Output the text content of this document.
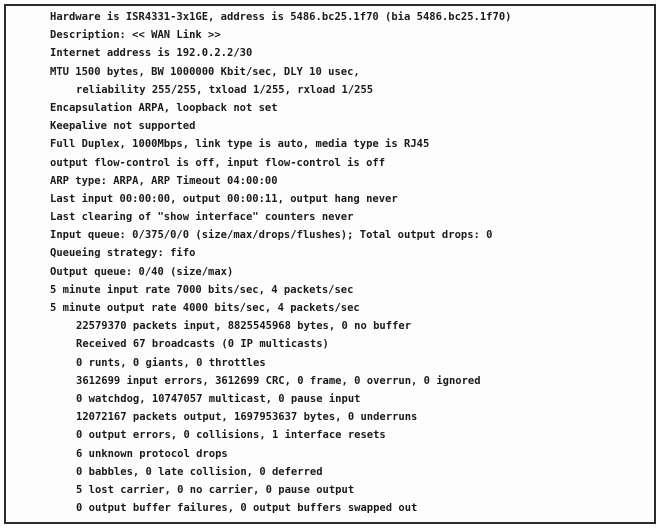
Hardware is ISR4331-3x1GE, address is 5486.bc25.1f70 (bia 5486.bc25.1f70)
Description: << WAN Link >>
Internet address is 192.0.2.2/30
MTU 1500 bytes, BW 1000000 Kbit/sec, DLY 10 usec,
reliability 255/255, txload 1/255, rxload 1/255
Encapsulation ARPA, loopback not set
Keepalive not supported
Full Duplex, 1000Mbps, link type is auto, media type is RJ45
output flow-control is off, input flow-control is off
ARP type: ARPA, ARP Timeout 04:00:00
Last input 00:00:00, output 00:00:11, output hang never
Last clearing of "show interface" counters never
Input queue: 0/375/0/0 (size/max/drops/flushes); Total output drops: 0
Queueing strategy: fifo
Output queue: 0/40 (size/max)
5 minute input rate 7000 bits/sec, 4 packets/sec
5 minute output rate 4000 bits/sec, 4 packets/sec
22579370 packets input, 8825545968 bytes, 0 no buffer
Received 67 broadcasts (0 IP multicasts)
0 runts, 0 giants, 0 throttles
3612699 input errors, 3612699 CRC, 0 frame, 0 overrun, 0 ignored
0 watchdog, 10747057 multicast, 0 pause input
12072167 packets output, 1697953637 bytes, 0 underruns
0 output errors, 0 collisions, 1 interface resets
6 unknown protocol drops
0 babbles, 0 late collision, 0 deferred
5 lost carrier, 0 no carrier, 0 pause output
0 output buffer failures, 0 output buffers swapped out
